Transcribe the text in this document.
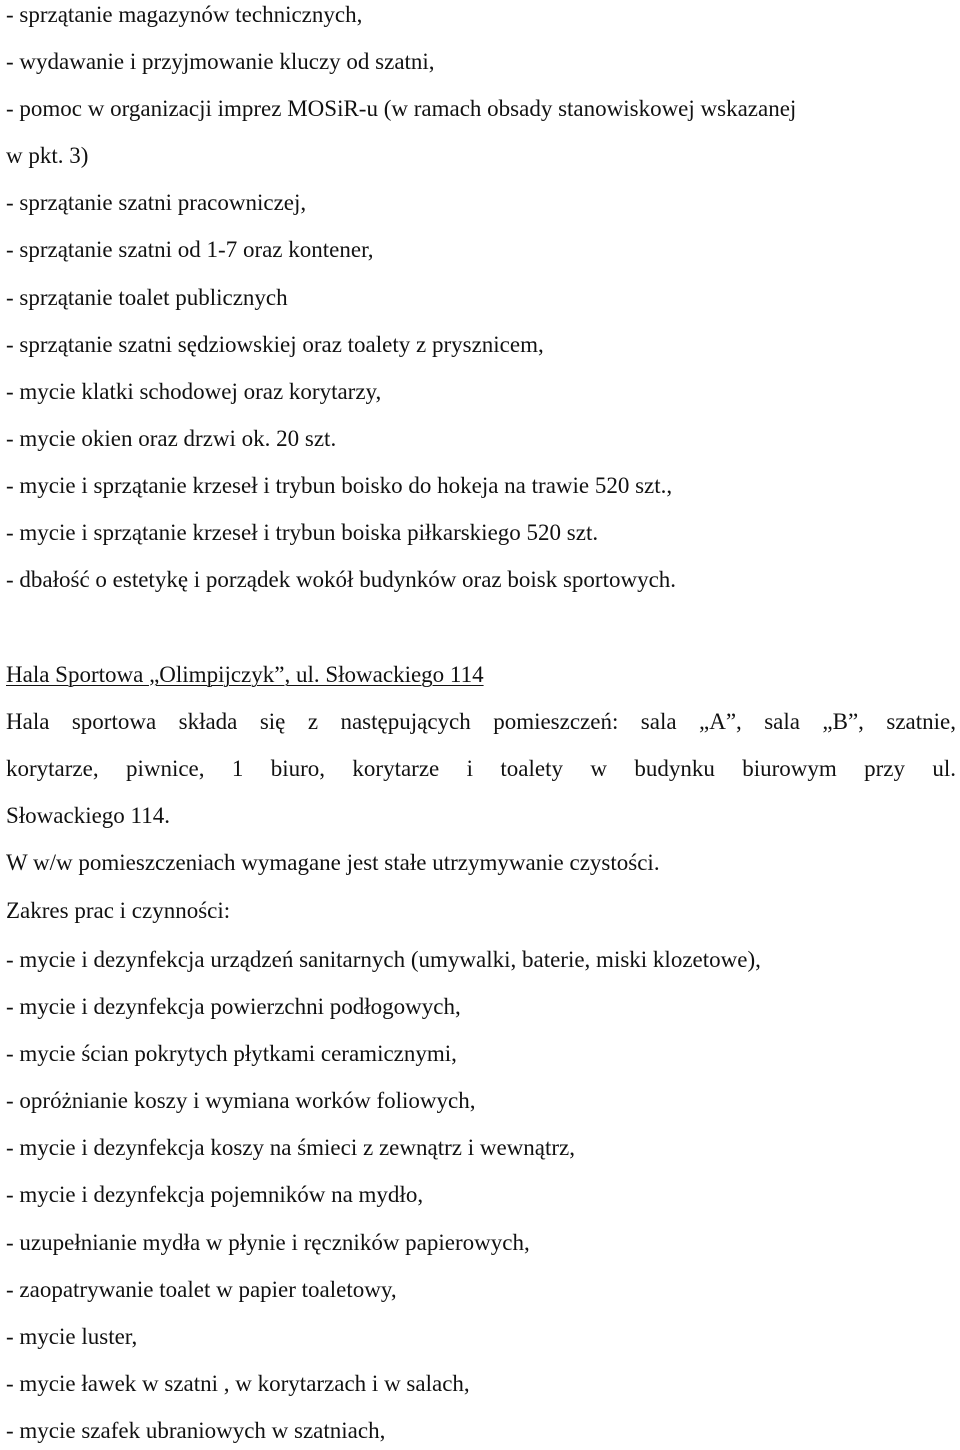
- sprzątanie magazynów technicznych,
- wydawanie i przyjmowanie kluczy od szatni,
- pomoc w organizacji imprez MOSiR-u (w ramach obsady stanowiskowej wskazanej
w pkt. 3)
- sprzątanie szatni pracowniczej,
- sprzątanie szatni od 1-7 oraz kontener,
- sprzątanie toalet publicznych
- sprzątanie szatni sędziowskiej oraz toalety z prysznicem,
- mycie klatki schodowej oraz korytarzy,
- mycie okien oraz drzwi ok. 20 szt.
- mycie i sprzątanie krzeseł i trybun boisko do hokeja na trawie 520 szt.,
- mycie i sprzątanie krzeseł i trybun boiska piłkarskiego 520 szt.
- dbałość o estetykę i porządek wokół budynków oraz boisk sportowych.
Hala Sportowa „Olimpijczyk”, ul. Słowackiego 114
Hala sportowa składa się z następujących pomieszczeń: sala „A”, sala „B”, szatnie,
korytarze, piwnice, 1 biuro, korytarze i toalety w budynku biurowym przy ul.
Słowackiego 114.
W w/w pomieszczeniach wymagane jest stałe utrzymywanie czystości.
Zakres prac i czynności:
- mycie i dezynfekcja urządzeń sanitarnych (umywalki, baterie, miski klozetowe),
- mycie i dezynfekcja powierzchni podłogowych,
- mycie ścian pokrytych płytkami ceramicznymi,
- opróżnianie koszy i wymiana worków foliowych,
- mycie i dezynfekcja koszy na śmieci z zewnątrz i wewnątrz,
- mycie i dezynfekcja pojemników na mydło,
- uzupełnianie mydła w płynie i ręczników papierowych,
- zaopatrywanie toalet w papier toaletowy,
- mycie luster,
- mycie ławek w szatni , w korytarzach i w salach,
- mycie szafek ubraniowych w szatniach,
